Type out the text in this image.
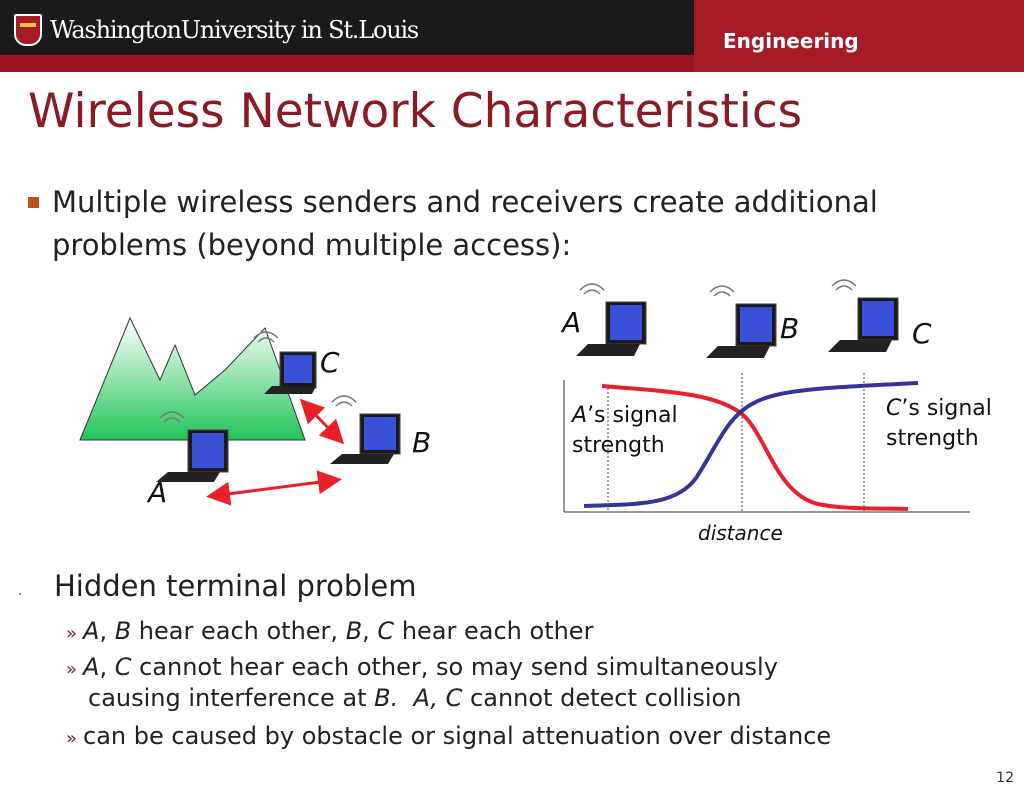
WashingtonUniversity in St.Louis	Engineering
Wireless Network Characteristics
Multiple wireless senders and receivers create additional problems (beyond multiple access):
C
B
A
A	B	C
A’s signal
strength
C’s signal
strength
distance
· Hidden terminal problem
» A, B hear each other, B, C hear each other
» A, C cannot hear each other, so may send simultaneously
causing interference at B. A, C cannot detect collision
» can be caused by obstacle or signal attenuation over distance
12
